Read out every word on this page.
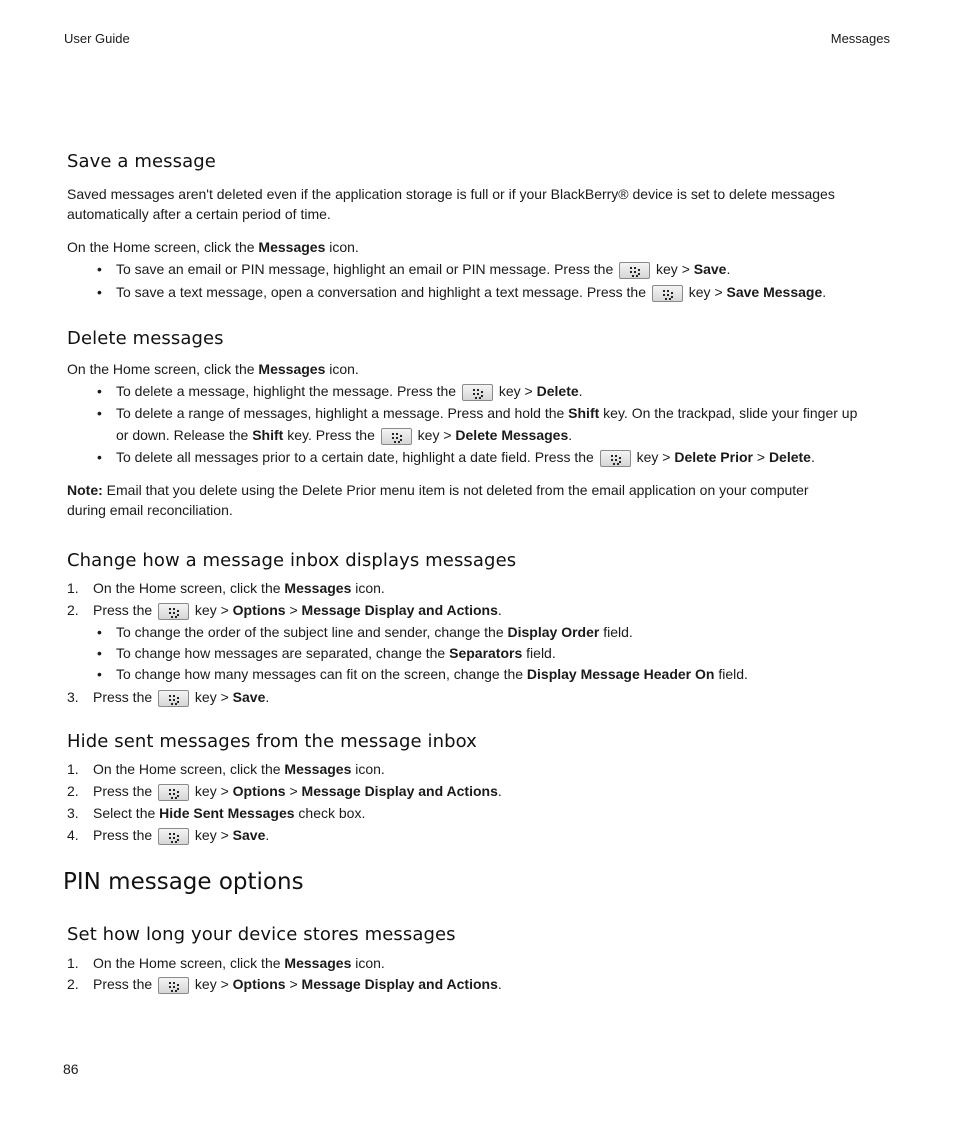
User Guide	Messages
Save a message
Saved messages aren't deleted even if the application storage is full or if your BlackBerry® device is set to delete messages
automatically after a certain period of time.
On the Home screen, click the Messages icon.
• To save an email or PIN message, highlight an email or PIN message. Press the	key > Save.
• To save a text message, open a conversation and highlight a text message. Press the	key > Save Message.
Delete messages
On the Home screen, click the Messages icon.
• To delete a message, highlight the message. Press the	key > Delete.
• To delete a range of messages, highlight a message. Press and hold the Shift key. On the trackpad, slide your finger up
or down. Release the Shift key. Press the	key > Delete Messages.
• To delete all messages prior to a certain date, highlight a date field. Press the	key > Delete Prior > Delete.
Note: Email that you delete using the Delete Prior menu item is not deleted from the email application on your computer
during email reconciliation.
Change how a message inbox displays messages
1. On the Home screen, click the Messages icon.
2. Press the	key > Options > Message Display and Actions.
• To change the order of the subject line and sender, change the Display Order field.
• To change how messages are separated, change the Separators field.
• To change how many messages can fit on the screen, change the Display Message Header On field.
3. Press the	key > Save.
Hide sent messages from the message inbox
1. On the Home screen, click the Messages icon.
2. Press the	key > Options > Message Display and Actions.
3. Select the Hide Sent Messages check box.
4. Press the	key > Save.
PIN message options
Set how long your device stores messages
1. On the Home screen, click the Messages icon.
2. Press the	key > Options > Message Display and Actions.
86
